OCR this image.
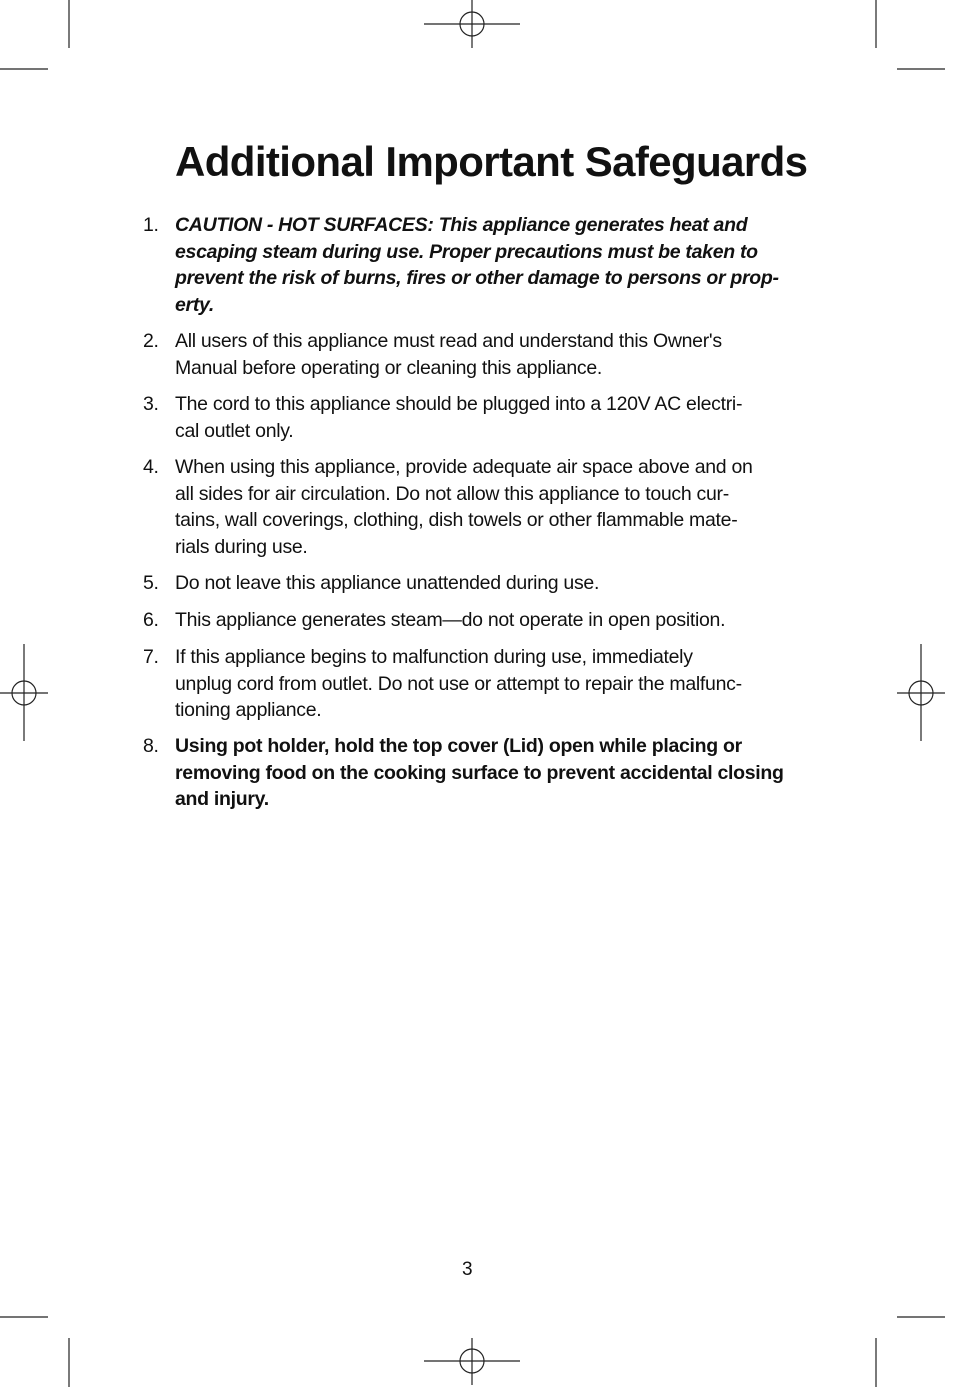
Additional Important Safeguards
1. CAUTION - HOT SURFACES: This appliance generates heat and
escaping steam during use. Proper precautions must be taken to
prevent the risk of burns, fires or other damage to persons or prop-
erty.

2. All users of this appliance must read and understand this Owner's
Manual before operating or cleaning this appliance.

3. The cord to this appliance should be plugged into a 120V AC electri-
cal outlet only.

4. When using this appliance, provide adequate air space above and on
all sides for air circulation. Do not allow this appliance to touch cur-
tains, wall coverings, clothing, dish towels or other flammable mate-
rials during use.

5. Do not leave this appliance unattended during use.

6. This appliance generates steam—do not operate in open position.

7. If this appliance begins to malfunction during use, immediately
unplug cord from outlet. Do not use or attempt to repair the malfunc-
tioning appliance.

8. Using pot holder, hold the top cover (Lid) open while placing or
removing food on the cooking surface to prevent accidental closing
and injury.

3
